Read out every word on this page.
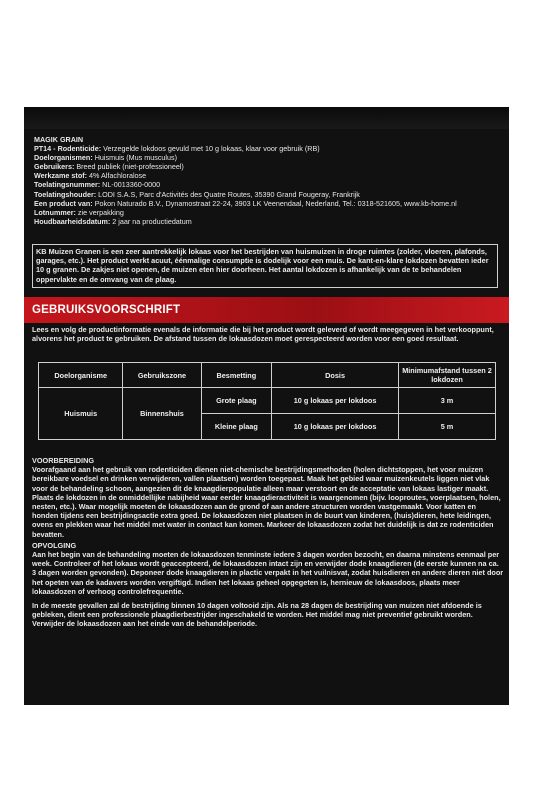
MAGIK GRAIN
PT14 - Rodenticide: Verzegelde lokdoos gevuld met 10 g lokaas, klaar voor gebruik (RB)
Doelorganismen: Huismuis (Mus musculus)
Gebruikers: Breed publiek (niet-professioneel)
Werkzame stof: 4% Alfachloralose
Toelatingsnummer: NL-0013360-0000
Toelatingshouder: LODI S.A.S, Parc d'Activités des Quatre Routes, 35390 Grand Fougeray, Frankrijk
Een product van: Pokon Naturado B.V., Dynamostraat 22-24, 3903 LK Veenendaal, Nederland, Tel.: 0318-521605, www.kb-home.nl
Lotnummer: zie verpakking
Houdbaarheidsdatum: 2 jaar na productiedatum
KB Muizen Granen is een zeer aantrekkelijk lokaas voor het bestrijden van huismuizen in droge ruimtes (zolder, vloeren, plafonds, garages, etc.). Het product werkt acuut, éénmalige consumptie is dodelijk voor een muis. De kant-en-klare lokdozen bevatten ieder 10 g granen. De zakjes niet openen, de muizen eten hier doorheen. Het aantal lokdozen is afhankelijk van de te behandelen oppervlakte en de omvang van de plaag.
GEBRUIKSVOORSCHRIFT
Lees en volg de productinformatie evenals de informatie die bij het product wordt geleverd of wordt meegegeven in het verkooppunt, alvorens het product te gebruiken. De afstand tussen de lokaasdozen moet gerespecteerd worden voor een goed resultaat.
Doelorganisme	Gebruikszone	Besmetting	Dosis	Minimumafstand tussen 2 lokdozen
Huismuis	Binnenshuis	Grote plaag	10 g lokaas per lokdoos	3 m
		Kleine plaag	10 g lokaas per lokdoos	5 m

VOORBEREIDING

Voorafgaand aan het gebruik van rodenticiden dienen niet-chemische bestrijdingsmethoden (holen dichtstoppen, het voor muizen bereikbare voedsel en drinken verwijderen, vallen plaatsen) worden toegepast. Maak het gebied waar muizenkeutels liggen niet vlak voor de behandeling schoon, aangezien dit de knaagdierpopulatie alleen maar verstoort en de acceptatie van lokaas lastiger maakt. Plaats de lokdozen in de onmiddellijke nabijheid waar eerder knaagdieractiviteit is waargenomen (bijv. looproutes, voerplaatsen, holen, nesten, etc.). Waar mogelijk moeten de lokaasdozen aan de grond of aan andere structuren worden vastgemaakt. Voor katten en honden tijdens een bestrijdingsactie extra goed. De lokaasdozen niet plaatsen in de buurt van kinderen, (huis)dieren, hete leidingen, ovens en plekken waar het middel met water in contact kan komen. Markeer de lokaasdozen zodat het duidelijk is dat ze rodenticiden bevatten.

OPVOLGING

Aan het begin van de behandeling moeten de lokaasdozen tenminste iedere 3 dagen worden bezocht, en daarna minstens eenmaal per week. Controleer of het lokaas wordt geaccepteerd, de lokaasdozen intact zijn en verwijder dode knaagdieren (de eerste kunnen na ca. 3 dagen worden gevonden). Deponeer dode knaagdieren in plactic verpakt in het vuilnisvat, zodat huisdieren en andere dieren niet door het opeten van de kadavers worden vergiftigd. Indien het lokaas geheel opgegeten is, hernieuw de lokaasdoos, plaats meer lokaasdozen of verhoog controlefrequentie.

In de meeste gevallen zal de bestrijding binnen 10 dagen voltooid zijn. Als na 28 dagen de bestrijding van muizen niet afdoende is gebleken, dient een professionele plaagdierbestrijder ingeschakeld te worden. Het middel mag niet preventief gebruikt worden. Verwijder de lokaasdozen aan het einde van de behandelperiode.
